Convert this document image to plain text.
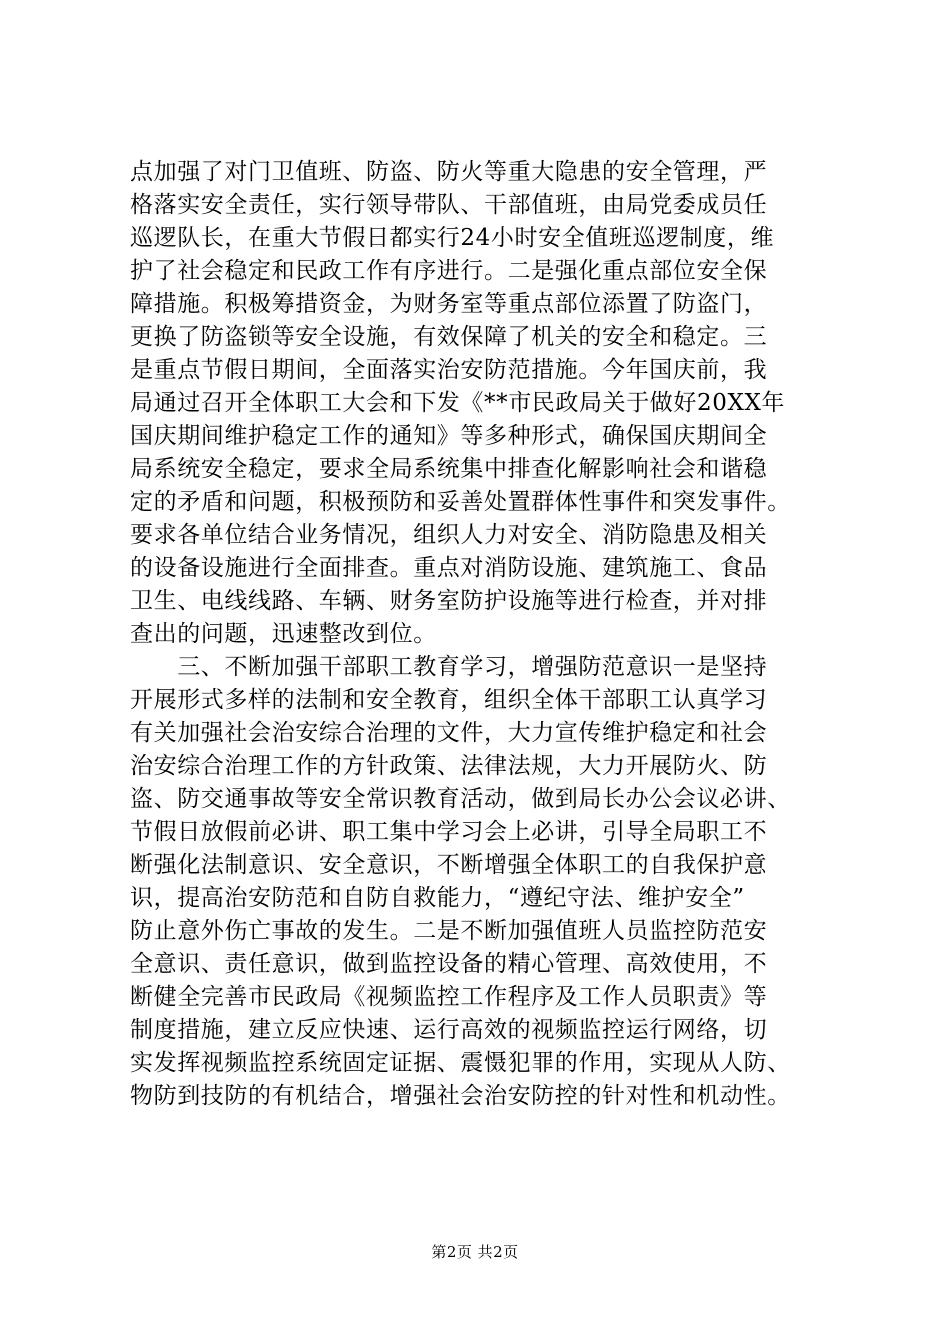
点加强了对门卫值班、防盗、防火等重大隐患的安全管理，严
格落实安全责任，实行领导带队、干部值班，由局党委成员任
巡逻队长，在重大节假日都实行24小时安全值班巡逻制度，维
护了社会稳定和民政工作有序进行。二是强化重点部位安全保
障措施。积极筹措资金，为财务室等重点部位添置了防盗门，
更换了防盗锁等安全设施，有效保障了机关的安全和稳定。三
是重点节假日期间，全面落实治安防范措施。今年国庆前，我
局通过召开全体职工大会和下发《**市民政局关于做好20XX年
国庆期间维护稳定工作的通知》等多种形式，确保国庆期间全
局系统安全稳定，要求全局系统集中排查化解影响社会和谐稳
定的矛盾和问题，积极预防和妥善处置群体性事件和突发事件。
要求各单位结合业务情况，组织人力对安全、消防隐患及相关
的设备设施进行全面排查。重点对消防设施、建筑施工、食品
卫生、电线线路、车辆、财务室防护设施等进行检查，并对排
查出的问题，迅速整改到位。
　　三、不断加强干部职工教育学习，增强防范意识一是坚持
开展形式多样的法制和安全教育，组织全体干部职工认真学习
有关加强社会治安综合治理的文件，大力宣传维护稳定和社会
治安综合治理工作的方针政策、法律法规，大力开展防火、防
盗、防交通事故等安全常识教育活动，做到局长办公会议必讲、
节假日放假前必讲、职工集中学习会上必讲，引导全局职工不
断强化法制意识、安全意识，不断增强全体职工的自我保护意
识，提高治安防范和自防自救能力，“遵纪守法、维护安全”
防止意外伤亡事故的发生。二是不断加强值班人员监控防范安
全意识、责任意识，做到监控设备的精心管理、高效使用，不
断健全完善市民政局《视频监控工作程序及工作人员职责》等
制度措施，建立反应快速、运行高效的视频监控运行网络，切
实发挥视频监控系统固定证据、震慑犯罪的作用，实现从人防、
物防到技防的有机结合，增强社会治安防控的针对性和机动性。
第2页 共2页
